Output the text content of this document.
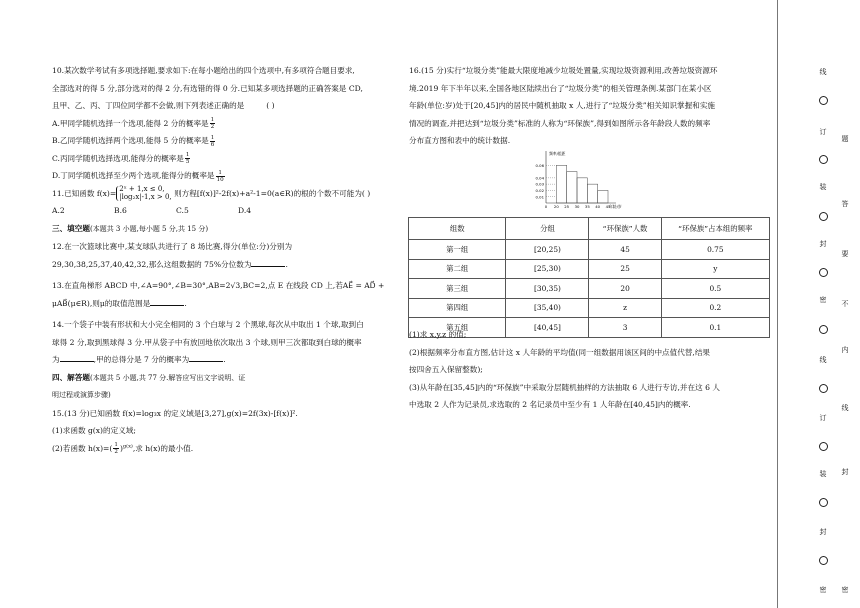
10.某次数学考试有多项选择题,要求如下:在每小题给出的四个选项中,有多项符合题目要求,

全部选对的得 5 分,部分选对的得 2 分,有选错的得 0 分.已知某多项选择题的正确答案是 CD,

且甲、乙、丙、丁四位同学都不会做,则下列表述正确的是	( )

A.甲同学随机选择一个选项,能得 2 分的概率是 $\frac{1}{2}$

B.乙同学随机选择两个选项,能得 5 分的概率是 $\frac{1}{6}$

C.丙同学随机选择选项,能得分的概率是 $\frac{1}{5}$

D.丁同学随机选择至少两个选项,能得分的概率是 $\frac{1}{10}$

11.已知函数 f(x)= 2ˣ + 1,x ≤ 0,
|log₂x|-1,x > 0, 则方程[f(x)]²-2f(x)+a²-1=0(a∈R)的根的个数不可能为( )

A.2	B.6	C.5	D.4

三、填空题(本题共 3 小题,每小题 5 分,共 15 分)

12.在一次篮球比赛中,某支球队共进行了 8 场比赛,得分(单位:分)分别为

29,30,38,25,37,40,42,32,那么这组数据的 75%分位数为	.

13.在直角梯形 ABCD 中,∠A=90°,∠B=30°,AB=2√3,BC=2,点 E 在线段 CD 上,若AE⃗ = AD⃗ +

μAB⃗(μ∈R),则μ的取值范围是	.

14.一个袋子中装有形状和大小完全相同的 3 个白球与 2 个黑球,每次从中取出 1 个球,取到白

球得 2 分,取到黑球得 3 分.甲从袋子中有放回地依次取出 3 个球,则甲三次都取到白球的概率

为	,甲的总得分是 7 分的概率为	.

四、解答题(本题共 5 小题,共 77 分.解答应写出文字说明、证

明过程或演算步骤)

15.(13 分)已知函数 f(x)=log₃x 的定义域是[3,27],g(x)=2f(3x)-[f(x)]².

(1)求函数 g(x)的定义域;

(2)若函数 $h(x)=( \frac{1}{2} )^{g(x)}$,求 h(x)的最小值.

16.(15 分)实行“垃圾分类”能最大限度地减少垃圾处置量,实现垃圾资源利用,改善垃圾资源环

境.2019 年下半年以来,全国各地区陆续出台了“垃圾分类”的相关管理条例.某部门在某小区

年龄(单位:岁)处于[20,45]内的居民中随机抽取 x 人,进行了“垃圾分类”相关知识掌握和实施

情况的调查,并把达到“垃圾分类”标准的人称为“环保族”,得到如图所示各年龄段人数的频率

分布直方图和表中的统计数据.

0.06
0.04
0.03
0.02
0.01
0 20 25 30 35 40 45
年龄/岁
频率/组距
组数	分组	“环保族”人数	“环保族”占本组的频率
第一组	[20,25)	45	0.75
第二组	[25,30)	25	y
第三组	[30,35)	20	0.5
第四组	[35,40)	z	0.2
第五组	[40,45]	3	0.1

(1)求 x,y,z 的值;

(2)根据频率分布直方图,估计这 x 人年龄的平均值(同一组数据用该区间的中点值代替,结果

按四舍五入保留整数);

(3)从年龄在[35,45]内的“环保族”中采取分层随机抽样的方法抽取 6 人进行专访,并在这 6 人

中选取 2 人作为记录员,求选取的 2 名记录员中至少有 1 人年龄在[40,45]内的概率.

线
订
装
封
密
线
订
装
封
密
题
答
要
不
内
线
封
密
